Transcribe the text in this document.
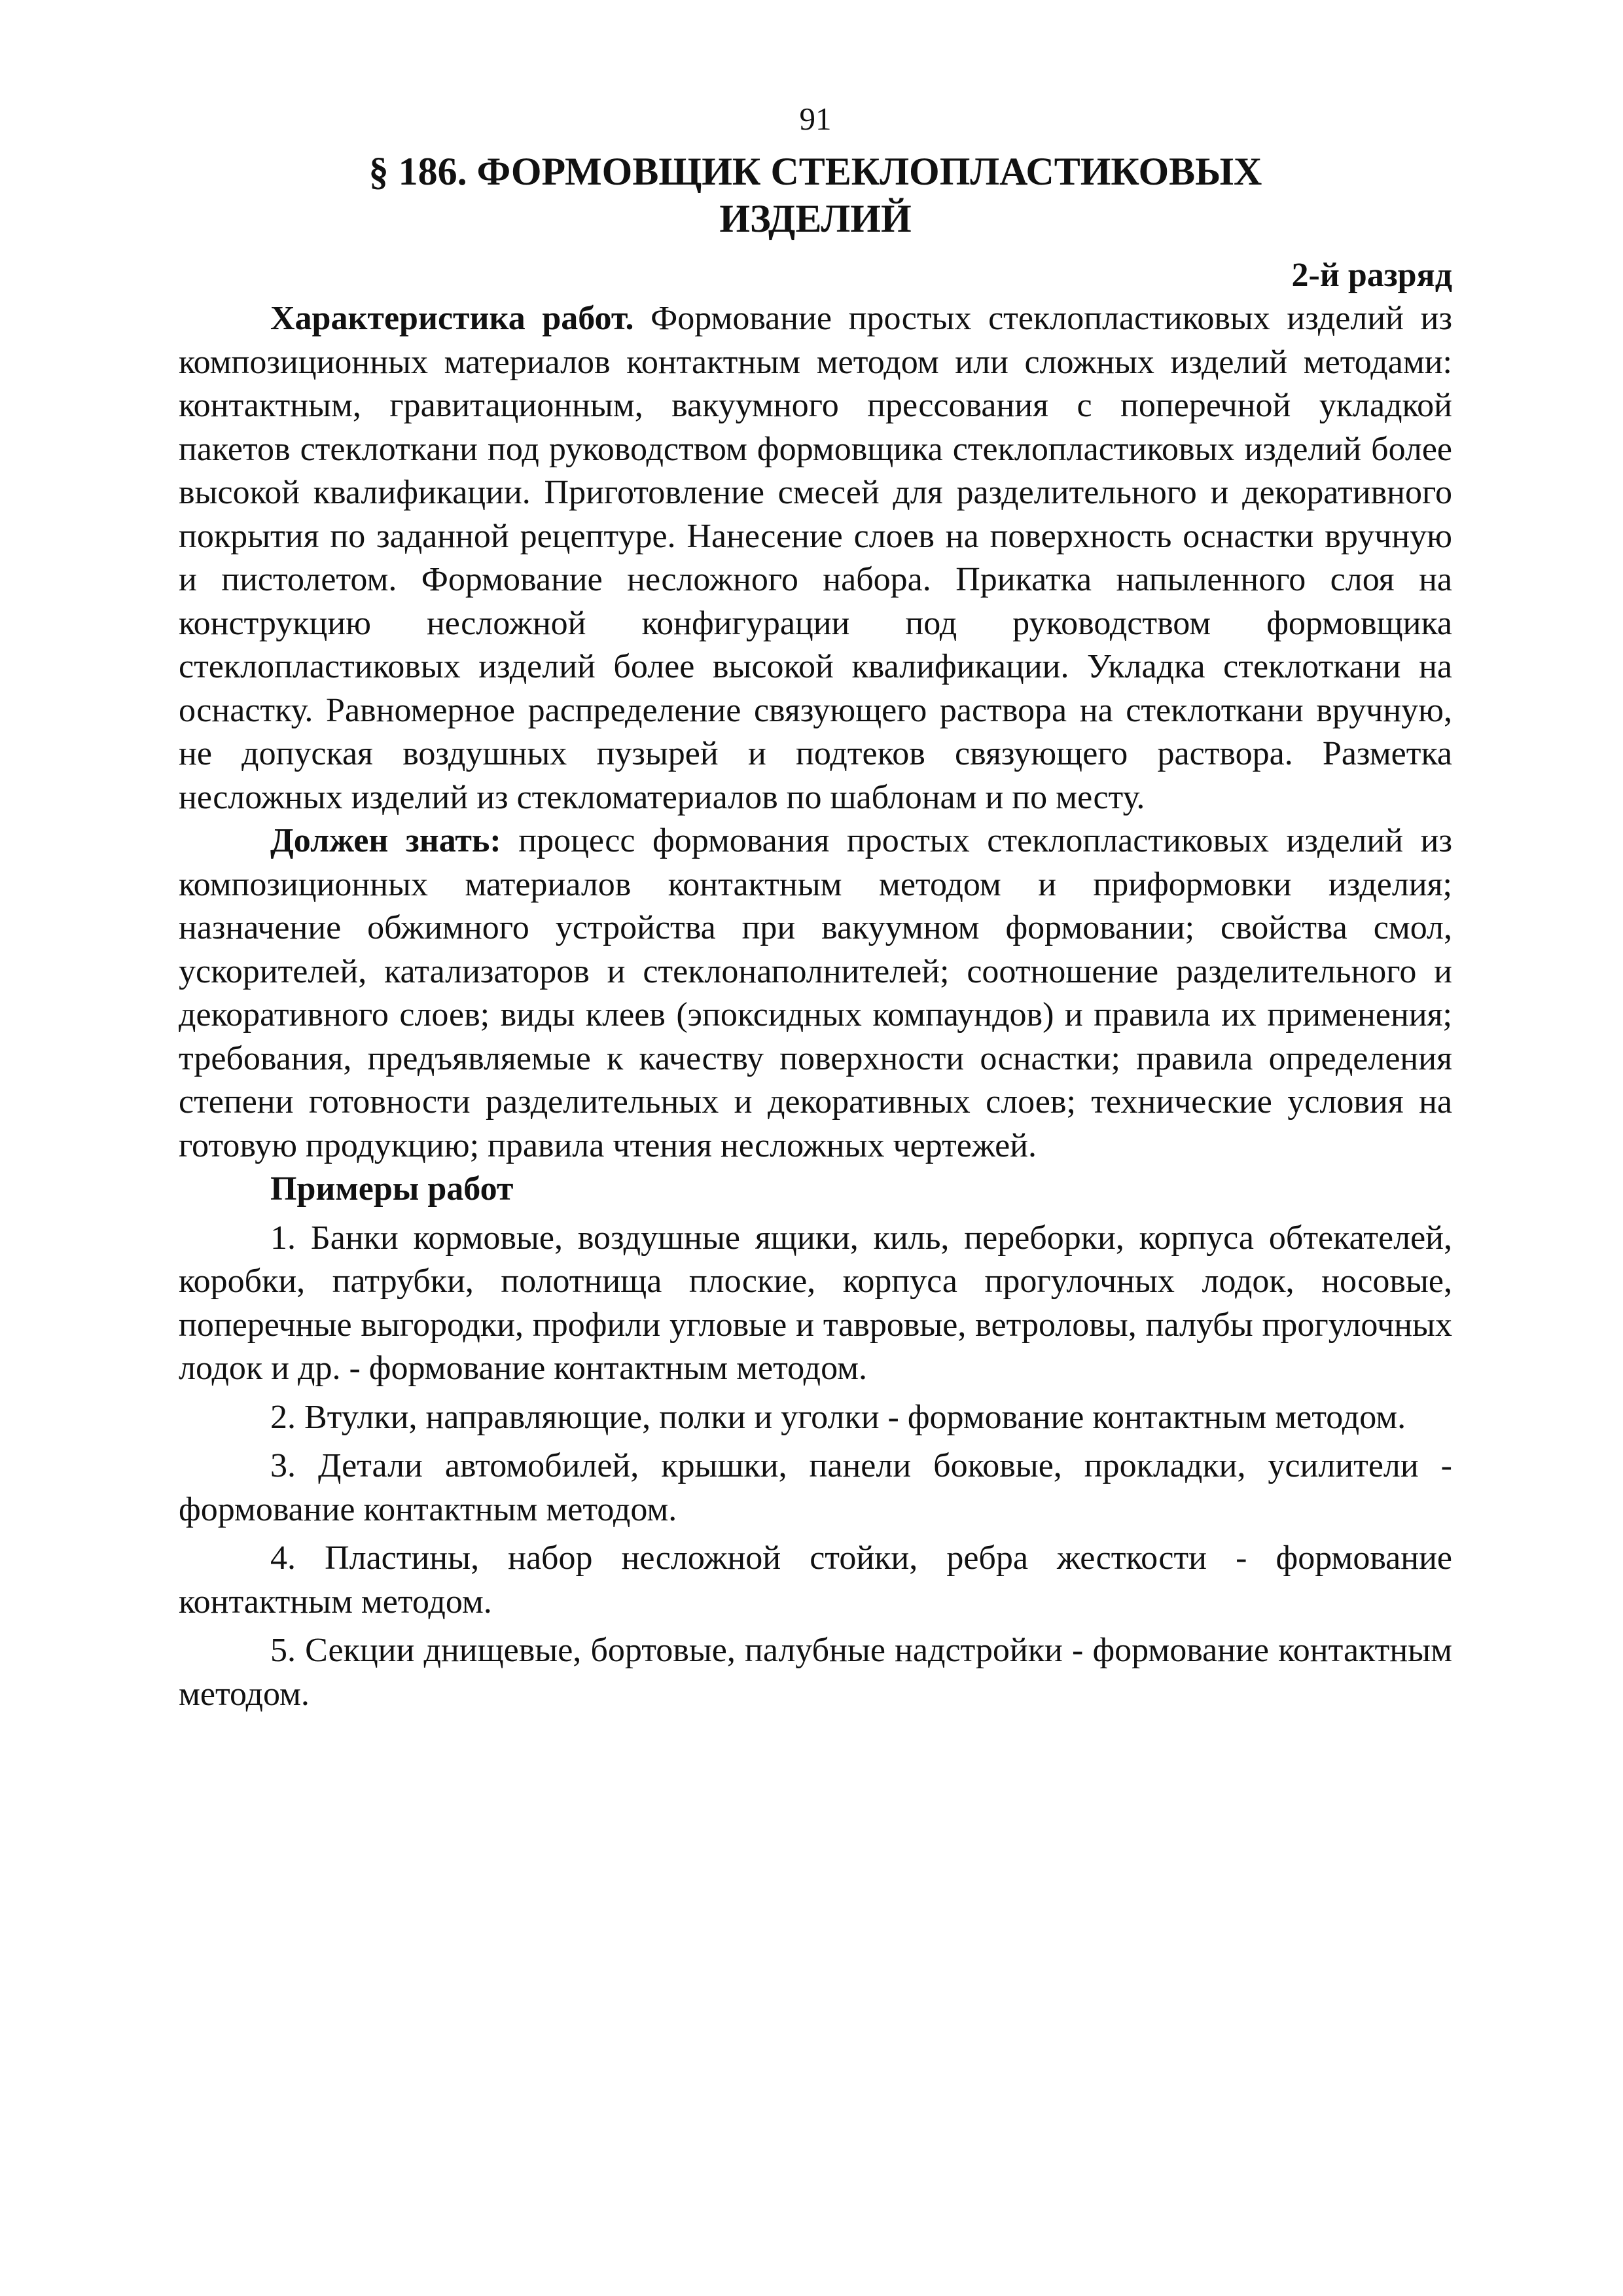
91
§ 186. ФОРМОВЩИК СТЕКЛОПЛАСТИКОВЫХ
ИЗДЕЛИЙ
2-й разряд

Характеристика работ. Формование простых стеклопластиковых изделий из композиционных материалов контактным методом или сложных изделий методами: контактным, гравитационным, вакуумного прессования с поперечной укладкой пакетов стеклоткани под руководством формовщика стеклопластиковых изделий более высокой квалификации. Приготовление смесей для разделительного и декоративного покрытия по заданной рецептуре. Нанесение слоев на поверхность оснастки вручную и пистолетом. Формование несложного набора. Прикатка напыленного слоя на конструкцию несложной конфигурации под руководством формовщика стеклопластиковых изделий более высокой квалификации. Укладка стеклоткани на оснастку. Равномерное распределение связующего раствора на стеклоткани вручную, не допуская воздушных пузырей и подтеков связующего раствора. Разметка несложных изделий из стекломатериалов по шаблонам и по месту.

Должен знать: процесс формования простых стеклопластиковых изделий из композиционных материалов контактным методом и приформовки изделия; назначение обжимного устройства при вакуумном формовании; свойства смол, ускорителей, катализаторов и стеклонаполнителей; соотношение разделительного и декоративного слоев; виды клеев (эпоксидных компаундов) и правила их применения; требования, предъявляемые к качеству поверхности оснастки; правила определения степени готовности разделительных и декоративных слоев; технические условия на готовую продукцию; правила чтения несложных чертежей.

Примеры работ

1. Банки кормовые, воздушные ящики, киль, переборки, корпуса обтекателей, коробки, патрубки, полотнища плоские, корпуса прогулочных лодок, носовые, поперечные выгородки, профили угловые и тавровые, ветроловы, палубы прогулочных лодок и др. - формование контактным методом.

2. Втулки, направляющие, полки и уголки - формование контактным методом.

3. Детали автомобилей, крышки, панели боковые, прокладки, усилители - формование контактным методом.

4. Пластины, набор несложной стойки, ребра жесткости - формование контактным методом.

5. Секции днищевые, бортовые, палубные надстройки - формование контактным методом.
